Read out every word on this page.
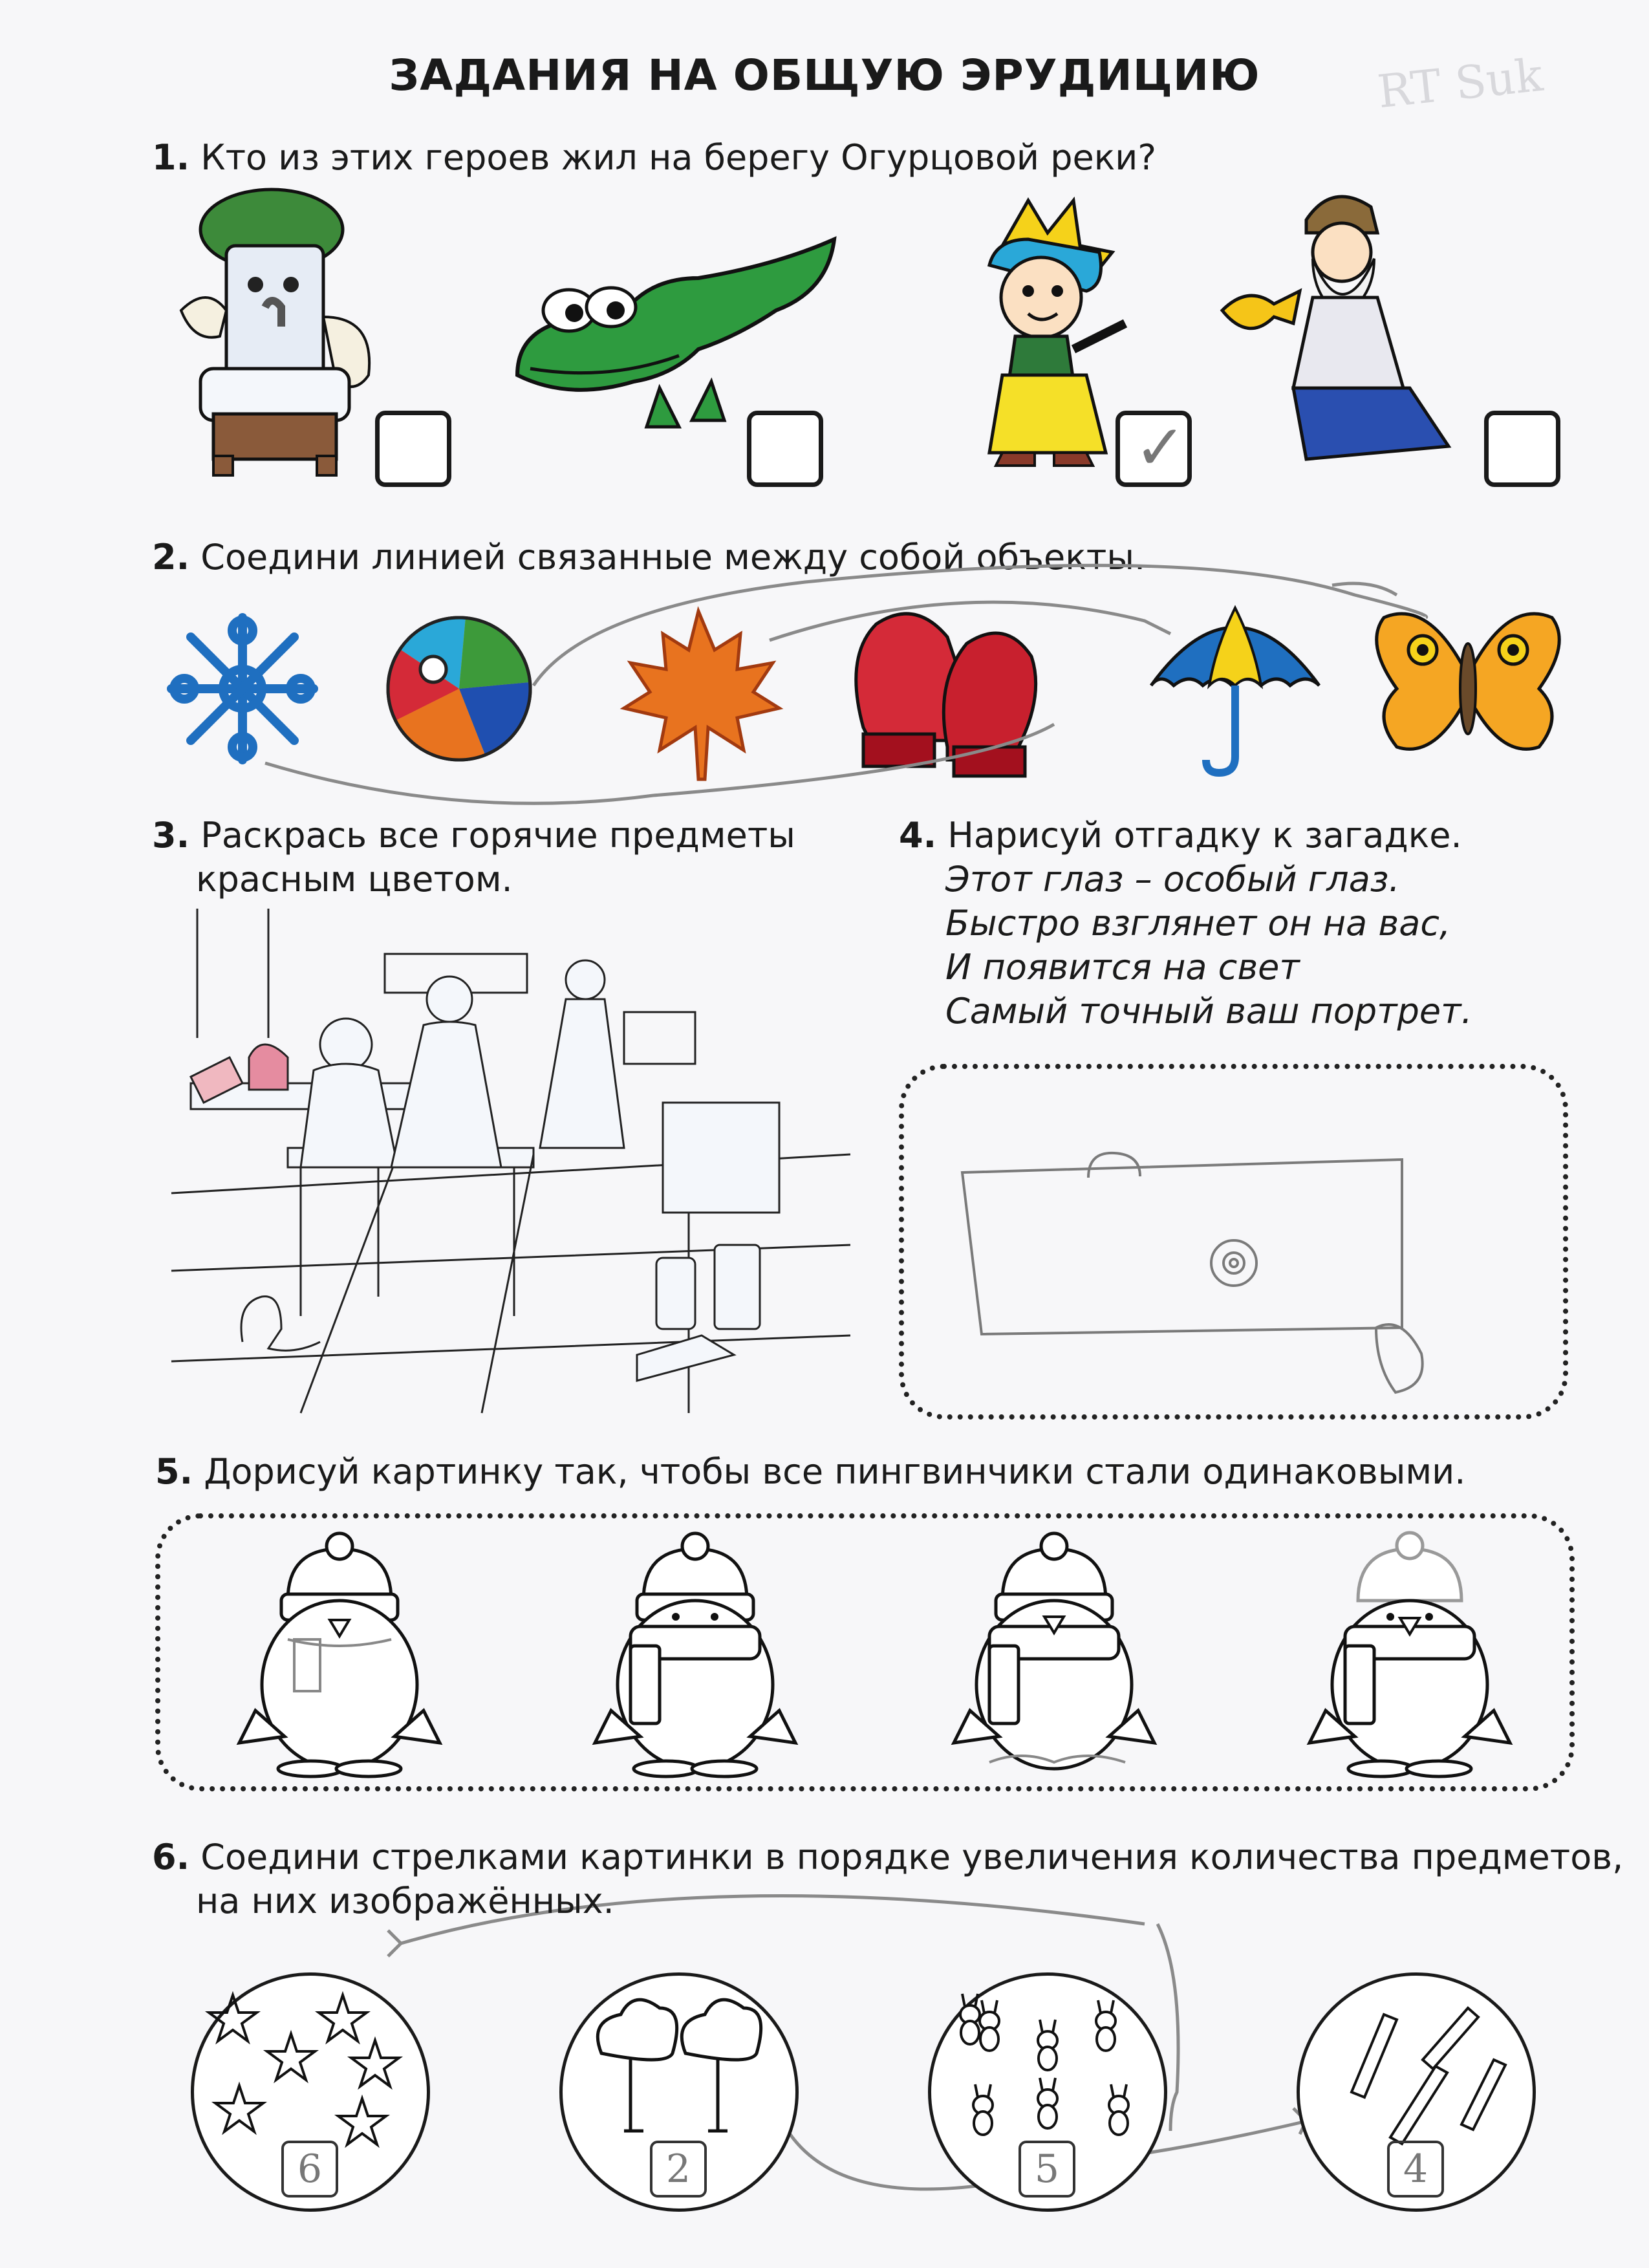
ЗАДАНИЯ НА ОБЩУЮ ЭРУДИЦИЮ	RT Suk
1. Кто из этих героев жил на берегу Огурцовой реки?
✓
2. Соедини линией связанные между собой объекты.
3. Раскрась все горячие предметы
красным цветом.
4. Нарисуй отгадку к загадке.
Этот глаз – особый глаз.
Быстро взглянет он на вас,
И появится на свет
Самый точный ваш портрет.
5. Дорисуй картинку так, чтобы все пингвинчики стали одинаковыми.
6. Соедини стрелками картинки в порядке увеличения количества предметов,
на них изображённых.
6	2	5	4
